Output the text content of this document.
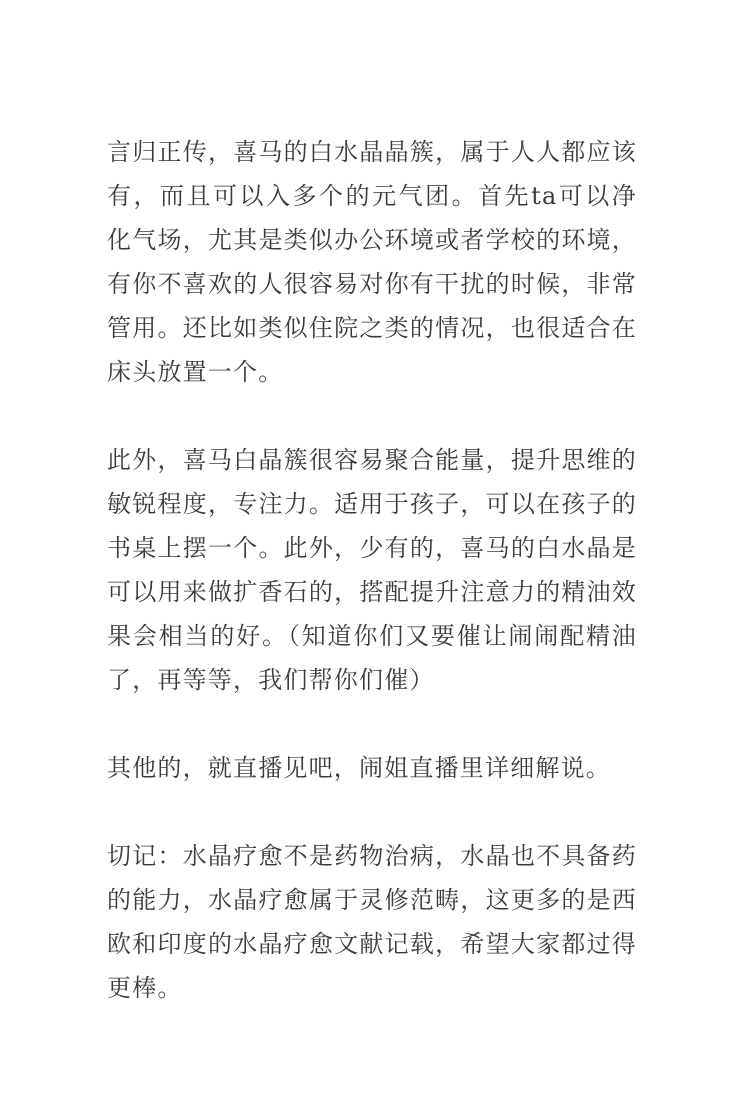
言归正传，喜马的白水晶晶簇，属于人人都应该有，而且可以入多个的元气团。首先ta可以净化气场，尤其是类似办公环境或者学校的环境，有你不喜欢的人很容易对你有干扰的时候，非常管用。还比如类似住院之类的情况，也很适合在床头放置一个。

此外，喜马白晶簇很容易聚合能量，提升思维的敏锐程度，专注力。适用于孩子，可以在孩子的书桌上摆一个。此外，少有的，喜马的白水晶是可以用来做扩香石的，搭配提升注意力的精油效果会相当的好。（知道你们又要催让闹闹配精油了，再等等，我们帮你们催）

其他的，就直播见吧，闹姐直播里详细解说。

切记：水晶疗愈不是药物治病，水晶也不具备药的能力，水晶疗愈属于灵修范畴，这更多的是西欧和印度的水晶疗愈文献记载，希望大家都过得更棒。
